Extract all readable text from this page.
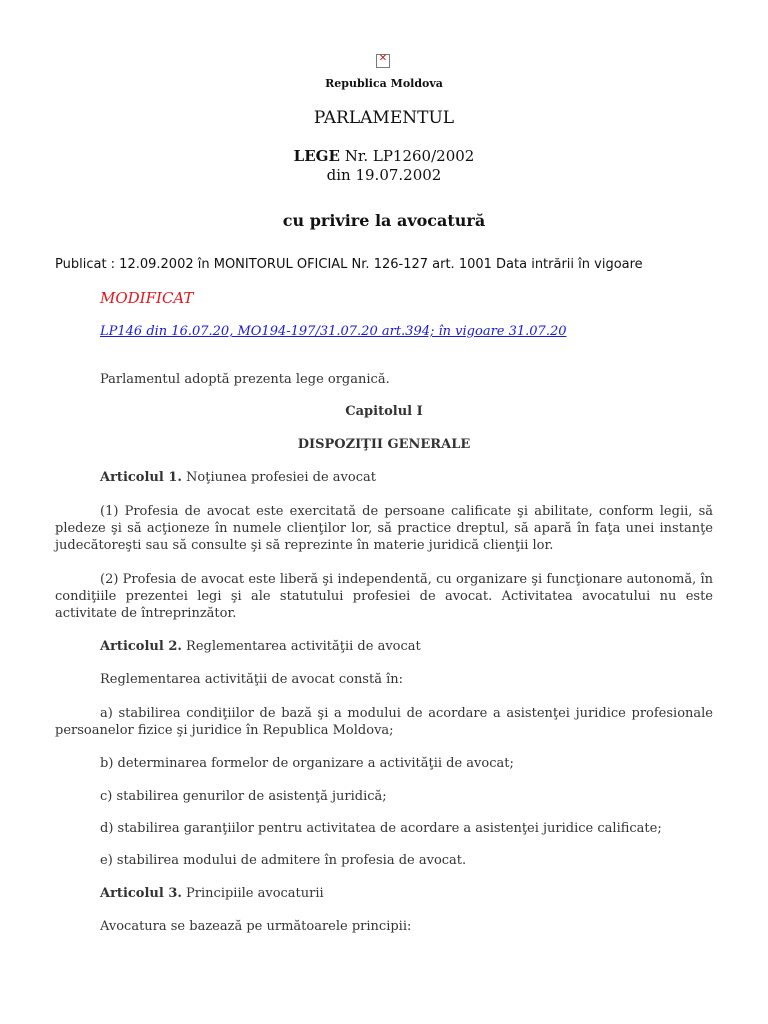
✕
Republica Moldova
PARLAMENTUL
LEGE Nr. LP1260/2002
din 19.07.2002
cu privire la avocatură
Publicat : 12.09.2002 în MONITORUL OFICIAL Nr. 126-127 art. 1001 Data intrării în vigoare
MODIFICAT
LP146 din 16.07.20, MO194-197/31.07.20 art.394; în vigoare 31.07.20
Parlamentul adoptă prezenta lege organică.
Capitolul I
DISPOZIŢII GENERALE
Articolul 1. Noţiunea profesiei de avocat
(1) Profesia de avocat este exercitată de persoane calificate şi abilitate, conform legii, să pledeze şi să acţioneze în numele clienţilor lor, să practice dreptul, să apară în faţa unei instanţe judecătoreşti sau să consulte şi să reprezinte în materie juridică clienţii lor.
(2) Profesia de avocat este liberă şi independentă, cu organizare şi funcţionare autonomă, în condiţiile prezentei legi şi ale statutului profesiei de avocat. Activitatea avocatului nu este activitate de întreprinzător.
Articolul 2. Reglementarea activităţii de avocat
Reglementarea activităţii de avocat constă în:
a) stabilirea condiţiilor de bază şi a modului de acordare a asistenţei juridice profesionale persoanelor fizice şi juridice în Republica Moldova;
b) determinarea formelor de organizare a activităţii de avocat;
c) stabilirea genurilor de asistenţă juridică;
d) stabilirea garanţiilor pentru activitatea de acordare a asistenţei juridice calificate;
e) stabilirea modului de admitere în profesia de avocat.
Articolul 3. Principiile avocaturii
Avocatura se bazează pe următoarele principii:
